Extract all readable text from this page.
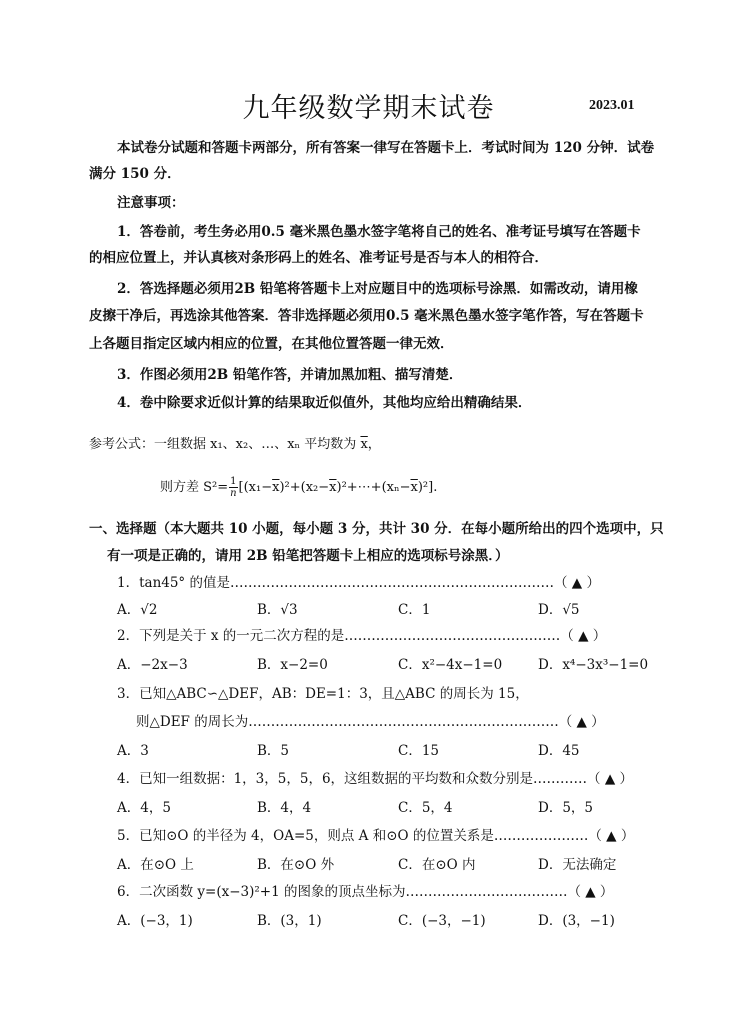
九年级数学期末试卷	2023.01
本试卷分试题和答题卡两部分，所有答案一律写在答题卡上．考试时间为 120 分钟．试卷
满分 150 分．
注意事项：
1．答卷前，考生务必用0.5 毫米黑色墨水签字笔将自己的姓名、准考证号填写在答题卡
的相应位置上，并认真核对条形码上的姓名、准考证号是否与本人的相符合．
2．答选择题必须用2B 铅笔将答题卡上对应题目中的选项标号涂黑．如需改动，请用橡
皮擦干净后，再选涂其他答案．答非选择题必须用0.5 毫米黑色墨水签字笔作答，写在答题卡
上各题目指定区域内相应的位置，在其他位置答题一律无效．
3．作图必须用2B 铅笔作答，并请加黑加粗、描写清楚．
4．卷中除要求近似计算的结果取近似值外，其他均应给出精确结果．
参考公式：一组数据 x₁、x₂、…、xₙ 平均数为 $\overline{x}$，
则方差 $S^2= \frac{1}{n}$ $[(x_1-\overline{x})^2+(x_2-\overline{x})^2+\cdots+(x_n-\overline{x})^2]$.
一、选择题（本大题共 10 小题，每小题 3 分，共计 30 分．在每小题所给出的四个选项中，只
有一项是正确的，请用 2B 铅笔把答题卡上相应的选项标号涂黑．）
1．tan45° 的值是………………………………………………………………（ ▲ ）
A．√2	B．√3	C．1	D．√5
2．下列是关于 x 的一元二次方程的是…………………………………………（ ▲ ）
A．−2x−3	B．x−2=0	C．x²−4x−1=0	D．x⁴−3x³−1=0
3．已知△ABC∽△DEF，AB：DE=1：3，且△ABC 的周长为 15，
则△DEF 的周长为……………………………………………………………（ ▲ ）
A．3	B．5	C．15	D．45
4．已知一组数据：1，3，5，5，6，这组数据的平均数和众数分别是…………（ ▲ ）
A．4，5	B．4，4	C．5，4	D．5，5
5．已知⊙O 的半径为 4，OA=5，则点 A 和⊙O 的位置关系是…………………（ ▲ ）
A．在⊙O 上	B．在⊙O 外	C．在⊙O 内	D．无法确定
6．二次函数 y=(x−3)²+1 的图象的顶点坐标为………………………………（ ▲ ）
A．(−3，1)	B．(3，1)	C．(−3，−1)	D．(3，−1)
